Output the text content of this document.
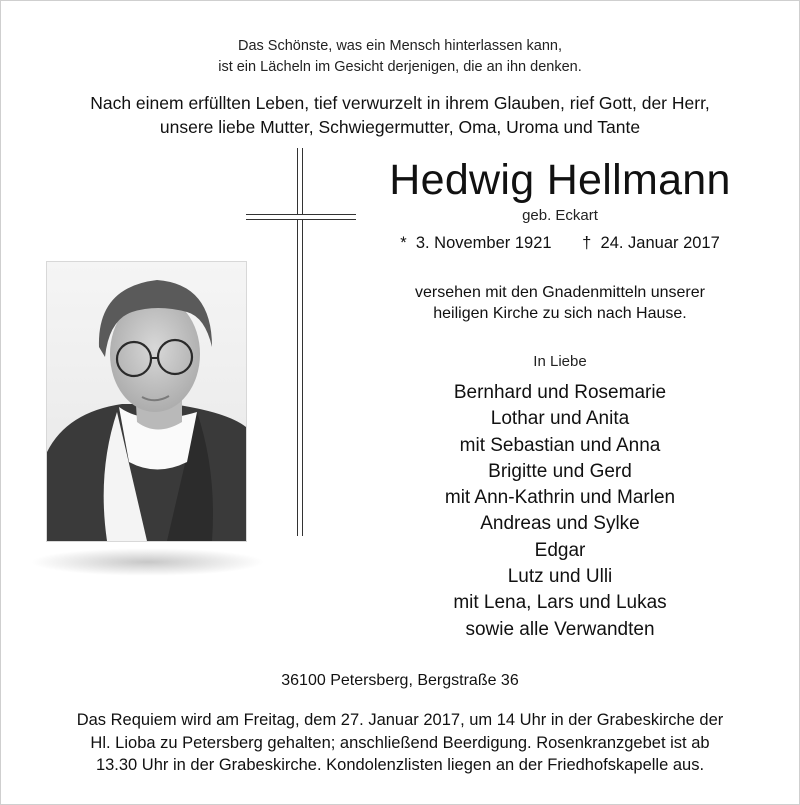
Das Schönste, was ein Mensch hinterlassen kann,
ist ein Lächeln im Gesicht derjenigen, die an ihn denken.
Nach einem erfüllten Leben, tief verwurzelt in ihrem Glauben, rief Gott, der Herr,
unsere liebe Mutter, Schwiegermutter, Oma, Uroma und Tante
Hedwig Hellmann
geb. Eckart
* 3. November 1921 † 24. Januar 2017
versehen mit den Gnadenmitteln unserer
heiligen Kirche zu sich nach Hause.
In Liebe
Bernhard und Rosemarie
Lothar und Anita
mit Sebastian und Anna
Brigitte und Gerd
mit Ann-Kathrin und Marlen
Andreas und Sylke
Edgar
Lutz und Ulli
mit Lena, Lars und Lukas
sowie alle Verwandten
36100 Petersberg, Bergstraße 36
Das Requiem wird am Freitag, dem 27. Januar 2017, um 14 Uhr in der Grabeskirche der
Hl. Lioba zu Petersberg gehalten; anschließend Beerdigung. Rosenkranzgebet ist ab
13.30 Uhr in der Grabeskirche. Kondolenzlisten liegen an der Friedhofskapelle aus.
